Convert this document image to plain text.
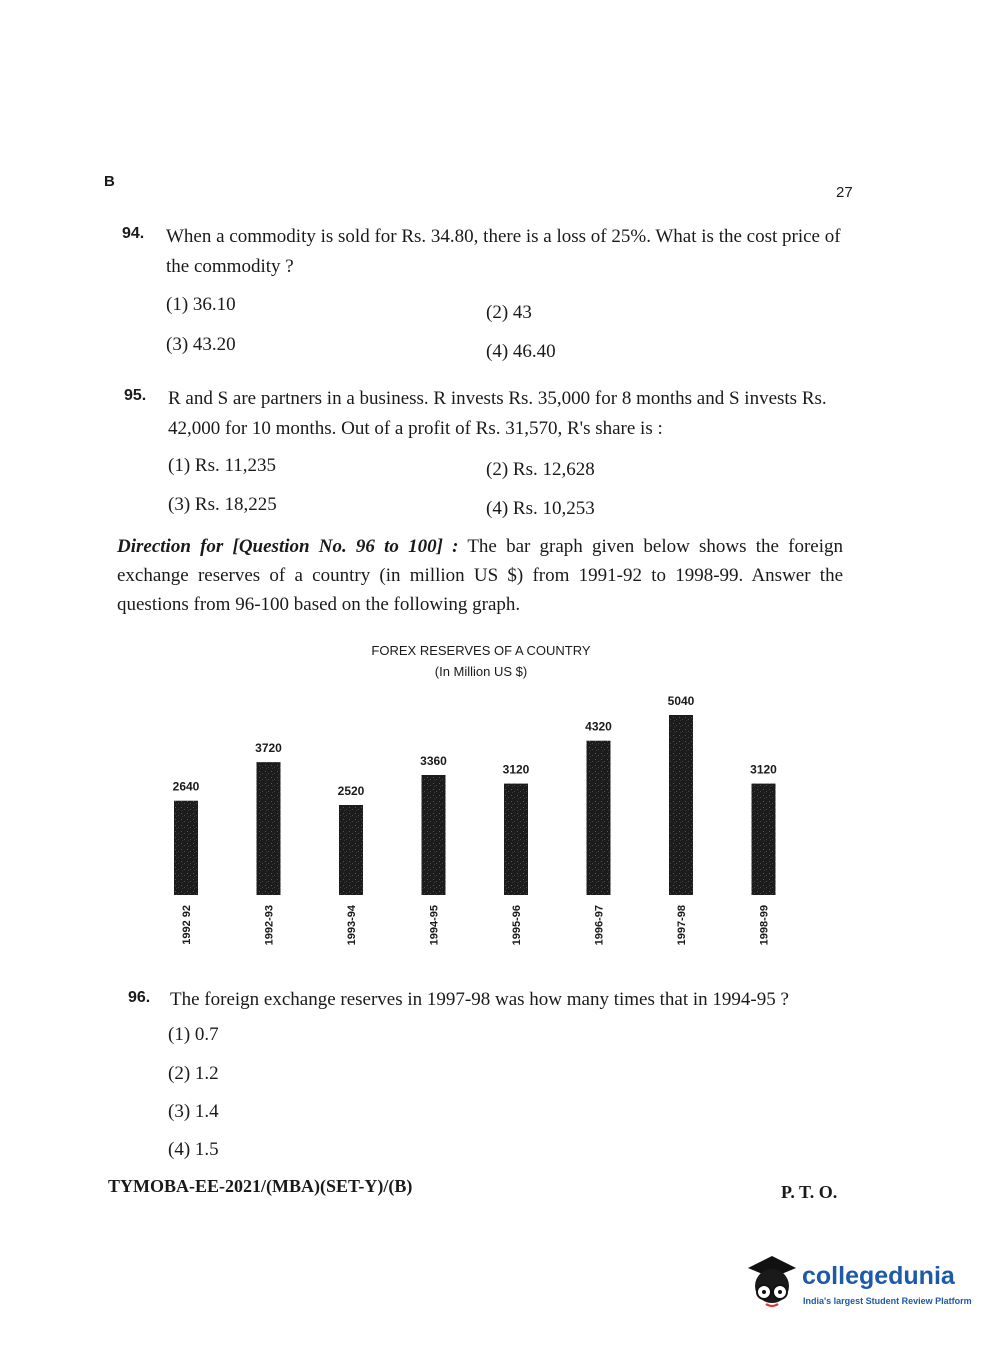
B
27
94. When a commodity is sold for Rs. 34.80, there is a loss of 25%. What is the cost price of the commodity ?
(1) 36.10	(2) 43
(3) 43.20	(4) 46.40
95. R and S are partners in a business. R invests Rs. 35,000 for 8 months and S invests Rs. 42,000 for 10 months. Out of a profit of Rs. 31,570, R's share is :
(1) Rs. 11,235	(2) Rs. 12,628
(3) Rs. 18,225	(4) Rs. 10,253
Direction for [Question No. 96 to 100] : The bar graph given below shows the foreign exchange reserves of a country (in million US $) from 1991-92 to 1998-99. Answer the questions from 96-100 based on the following graph.
FOREX RESERVES OF A COUNTRY
(In Million US $)
2640
1992 92
3720
1992-93
2520
1993-94
3360
1994-95
3120
1995-96
4320
1996-97
5040
1997-98
3120
1998-99
96. The foreign exchange reserves in 1997-98 was how many times that in 1994-95 ?
(1) 0.7
(2) 1.2
(3) 1.4
(4) 1.5
TYMOBA-EE-2021/(MBA)(SET-Y)/(B)	P. T. O.
collegedunia
India's largest Student Review Platform
